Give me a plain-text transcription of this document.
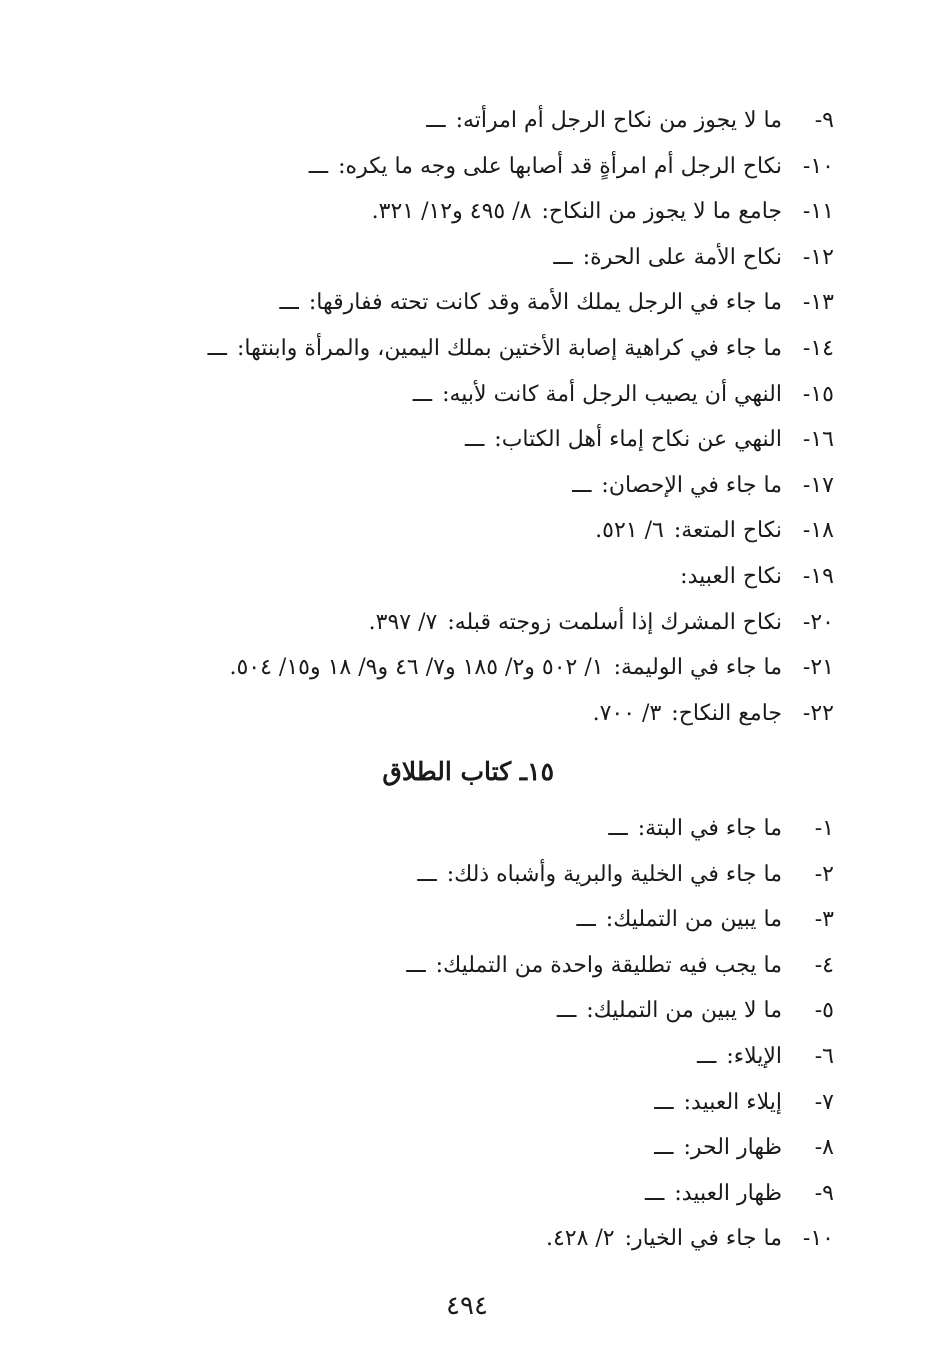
٩-
ما لا يجوز من نكاح الرجل أم امرأته:
ـــ
١٠-
نكاح الرجل أم امرأةٍ قد أصابها على وجه ما يكره:
ـــ
١١-
جامع ما لا يجوز من النكاح:
٨/ ٤٩٥ و١٢/ ٣٢١.
١٢-
نكاح الأمة على الحرة:
ـــ
١٣-
ما جاء في الرجل يملك الأمة وقد كانت تحته ففارقها:
ـــ
١٤-
ما جاء في كراهية إصابة الأختين بملك اليمين، والمرأة وابنتها:
ـــ
١٥-
النهي أن يصيب الرجل أمة كانت لأبيه:
ـــ
١٦-
النهي عن نكاح إماء أهل الكتاب:
ـــ
١٧-
ما جاء في الإحصان:
ـــ
١٨-
نكاح المتعة:
٦/ ٥٢١.
١٩-
نكاح العبيد:
٢٠-
نكاح المشرك إذا أسلمت زوجته قبله:
٧/ ٣٩٧.
٢١-
ما جاء في الوليمة:
١/ ٥٠٢ و٢/ ١٨٥ و٧/ ٤٦ و٩/ ١٨ و١٥/ ٥٠٤.
٢٢-
جامع النكاح:
٣/ ٧٠٠.
١٥ـ كتاب الطلاق
١-
ما جاء في البتة:
ـــ
٢-
ما جاء في الخلية والبرية وأشباه ذلك:
ـــ
٣-
ما يبين من التمليك:
ـــ
٤-
ما يجب فيه تطليقة واحدة من التمليك:
ـــ
٥-
ما لا يبين من التمليك:
ـــ
٦-
الإيلاء:
ـــ
٧-
إيلاء العبيد:
ـــ
٨-
ظهار الحر:
ـــ
٩-
ظهار العبيد:
ـــ
١٠-
ما جاء في الخيار:
٢/ ٤٢٨.
٤٩٤
